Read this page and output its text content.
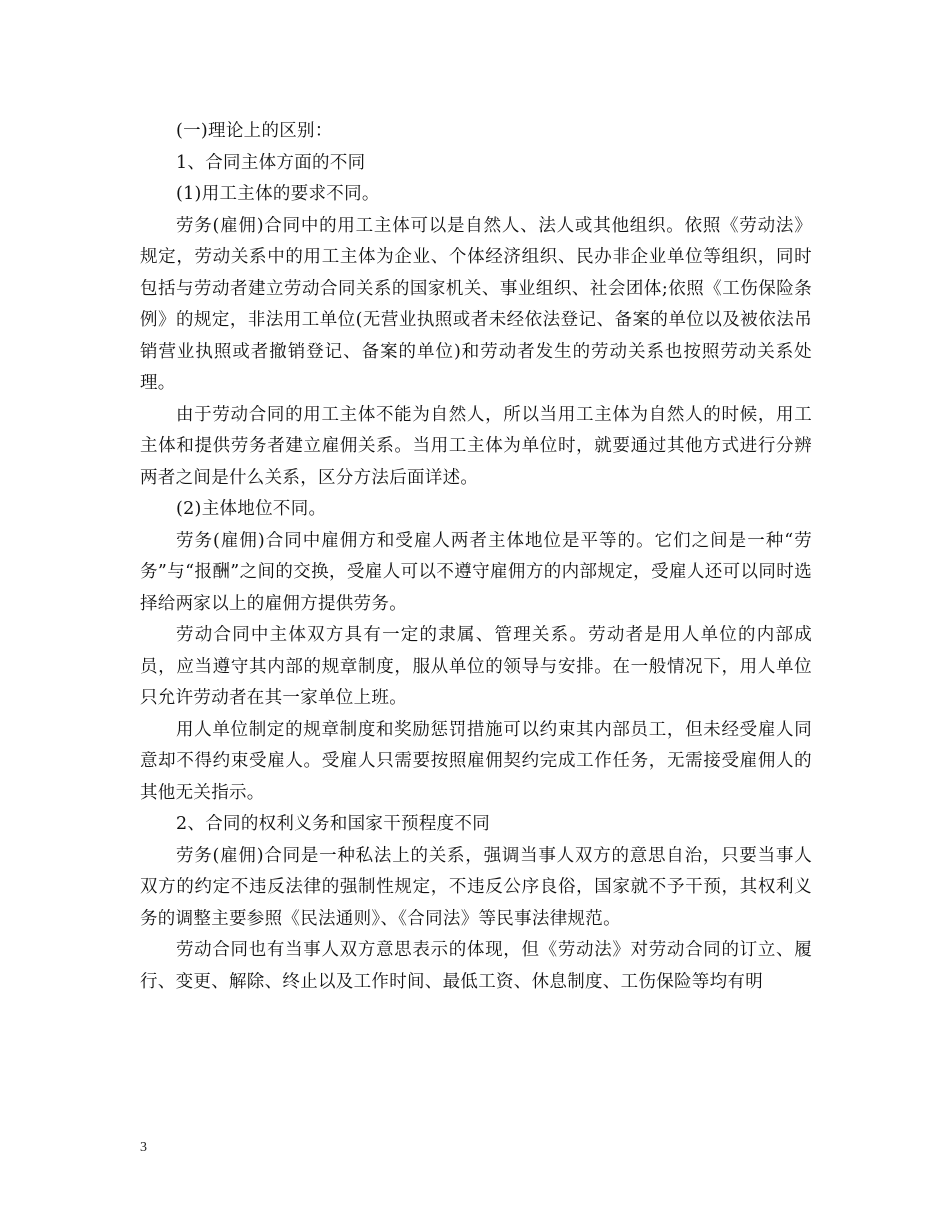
(一)理论上的区别：

1、合同主体方面的不同

(1)用工主体的要求不同。

劳务(雇佣)合同中的用工主体可以是自然人、法人或其他组织。依照《劳动法》规定，劳动关系中的用工主体为企业、个体经济组织、民办非企业单位等组织，同时包括与劳动者建立劳动合同关系的国家机关、事业组织、社会团体;依照《工伤保险条例》的规定，非法用工单位(无营业执照或者未经依法登记、备案的单位以及被依法吊销营业执照或者撤销登记、备案的单位)和劳动者发生的劳动关系也按照劳动关系处理。

由于劳动合同的用工主体不能为自然人，所以当用工主体为自然人的时候，用工主体和提供劳务者建立雇佣关系。当用工主体为单位时，就要通过其他方式进行分辨两者之间是什么关系，区分方法后面详述。

(2)主体地位不同。

劳务(雇佣)合同中雇佣方和受雇人两者主体地位是平等的。它们之间是一种“劳务”与“报酬”之间的交换，受雇人可以不遵守雇佣方的内部规定，受雇人还可以同时选择给两家以上的雇佣方提供劳务。

劳动合同中主体双方具有一定的隶属、管理关系。劳动者是用人单位的内部成员，应当遵守其内部的规章制度，服从单位的领导与安排。在一般情况下，用人单位只允许劳动者在其一家单位上班。

用人单位制定的规章制度和奖励惩罚措施可以约束其内部员工，但未经受雇人同意却不得约束受雇人。受雇人只需要按照雇佣契约完成工作任务，无需接受雇佣人的其他无关指示。

2、合同的权利义务和国家干预程度不同

劳务(雇佣)合同是一种私法上的关系，强调当事人双方的意思自治，只要当事人双方的约定不违反法律的强制性规定，不违反公序良俗，国家就不予干预，其权利义务的调整主要参照《民法通则》、《合同法》等民事法律规范。

劳动合同也有当事人双方意思表示的体现，但《劳动法》对劳动合同的订立、履行、变更、解除、终止以及工作时间、最低工资、休息制度、工伤保险等均有明

3
